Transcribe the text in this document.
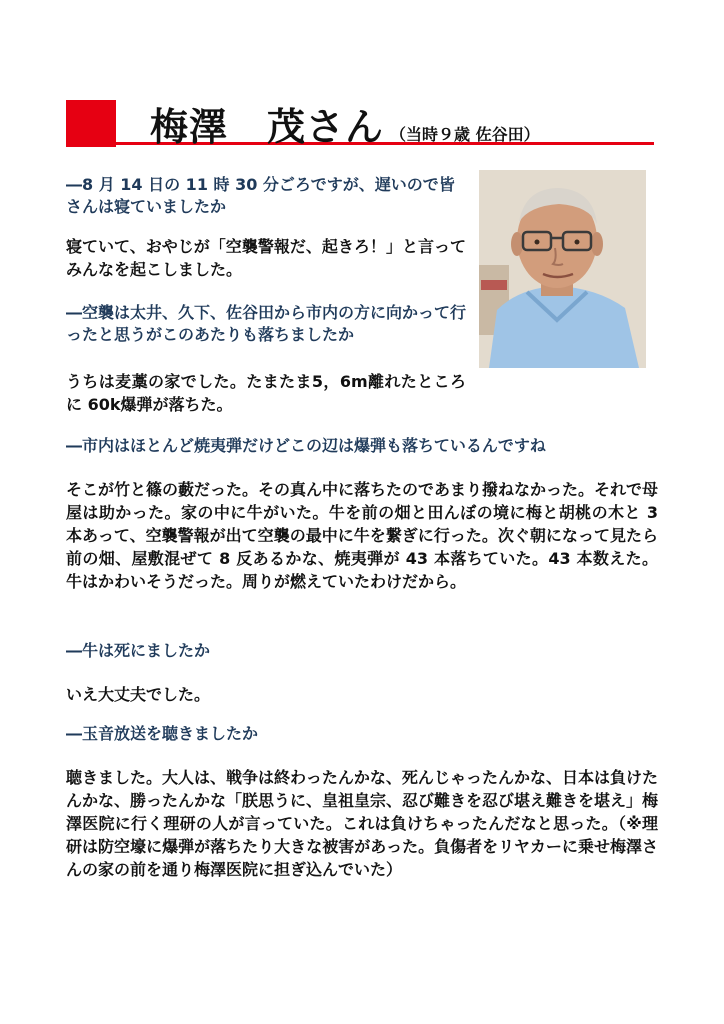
梅澤　茂さん （当時９歳 佐谷田）
―8 月 14 日の 11 時 30 分ごろですが、遅いので皆さんは寝ていましたか
寝ていて、おやじが「空襲警報だ、起きろ！」と言ってみんなを起こしました。
―空襲は太井、久下、佐谷田から市内の方に向かって行ったと思うがこのあたりも落ちましたか
うちは麦藁の家でした。たまたま5，6m離れたところに 60k爆弾が落ちた。
―市内はほとんど焼夷弾だけどこの辺は爆弾も落ちているんですね
そこが竹と篠の藪だった。その真ん中に落ちたのであまり撥ねなかった。それで母屋は助かった。家の中に牛がいた。牛を前の畑と田んぼの境に梅と胡桃の木と 3 本あって、空襲警報が出て空襲の最中に牛を繋ぎに行った。次ぐ朝になって見たら前の畑、屋敷混ぜて 8 反あるかな、焼夷弾が 43 本落ちていた。43 本数えた。牛はかわいそうだった。周りが燃えていたわけだから。
―牛は死にましたか
いえ大丈夫でした。
―玉音放送を聴きましたか
聴きました。大人は、戦争は終わったんかな、死んじゃったんかな、日本は負けたんかな、勝ったんかな「朕思うに、皇祖皇宗、忍び難きを忍び堪え難きを堪え」梅澤医院に行く理研の人が言っていた。これは負けちゃったんだなと思った。（※理研は防空壕に爆弾が落ちたり大きな被害があった。負傷者をリヤカーに乗せ梅澤さんの家の前を通り梅澤医院に担ぎ込んでいた）
